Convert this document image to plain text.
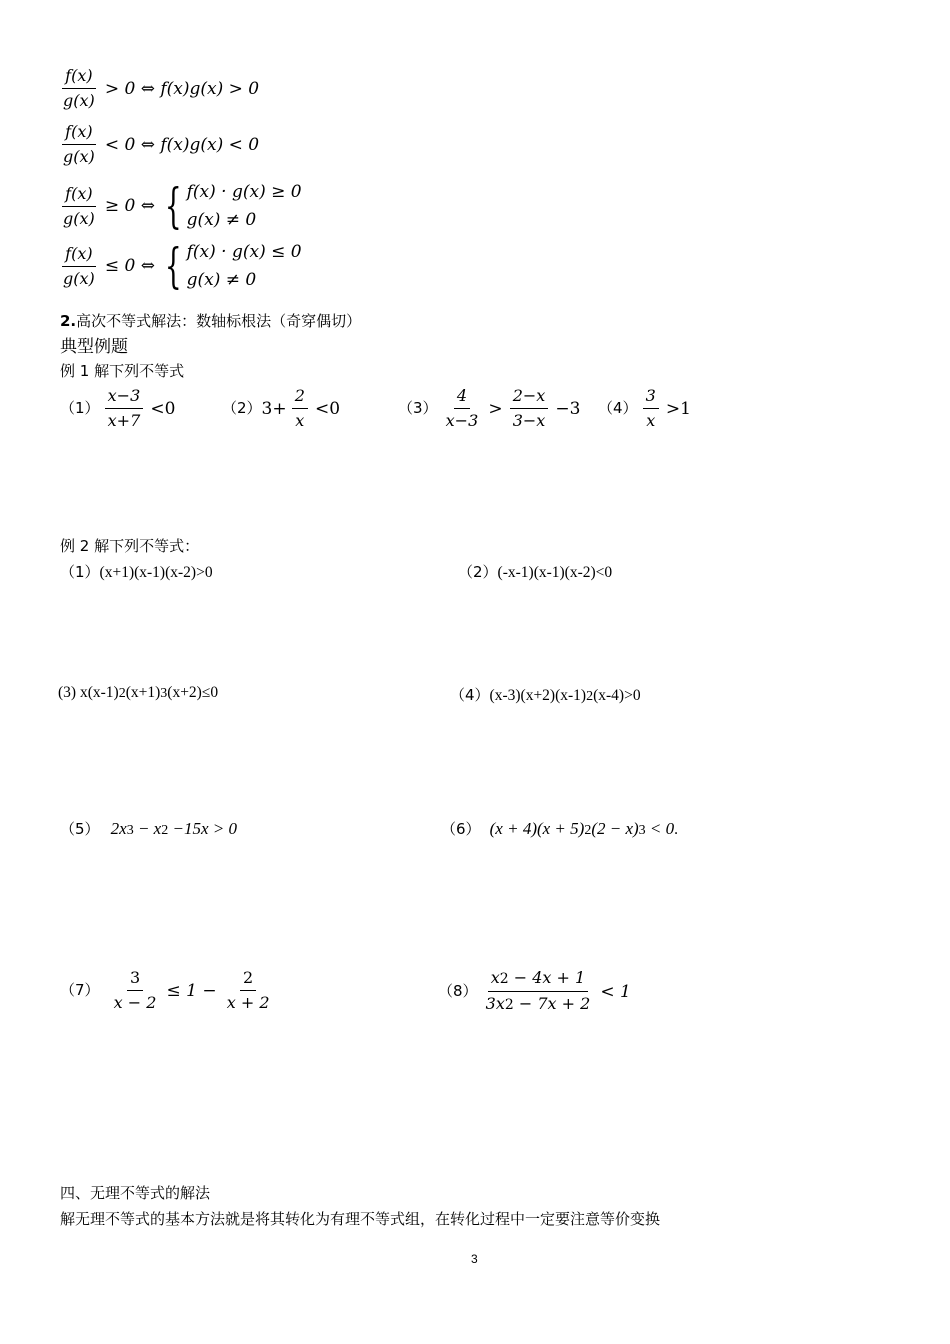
$\frac{f(x)}{g(x)} > 0$ ⇔ f(x)g(x) > 0
$\frac{f(x)}{g(x)} < 0$ ⇔ f(x)g(x) < 0
$\frac{f(x)}{g(x)} \ge 0$ ⇔ { f(x) · g(x) ≥ 0
g(x) ≠ 0
$\frac{f(x)}{g(x)} \le 0$ ⇔ { f(x) · g(x) ≤ 0
g(x) ≠ 0
2.高次不等式解法：数轴标根法（奇穿偶切）
典型例题
例 1 解下列不等式
$(1) \frac{x-3}{x+7} <0$	$(2)3+ \frac{2}{x} <0$	$(3) \frac{4}{x-3} > \frac{2-x}{3-x} -3$ $(4) \frac{3}{x} >1$
例 2 解下列不等式：
（1）(x+1)(x-1)(x-2)>0	（2）(-x-1)(x-1)(x-2)<0
(3) x(x-1)2(x+1)3(x+2)≤0	（4）(x-3)(x+2)(x-1)2(x-4)>0
（5） 2x3 − x2 −15x > 0	（6） (x + 4)(x + 5)2(2 − x)3 < 0.
$(7) \frac{3}{x - 2} \le 1 - \frac{2}{x + 2}$	$(8) \frac{x2 - 4x + 1}{3x2 - 7x + 2} < 1$
四、无理不等式的解法
解无理不等式的基本方法就是将其转化为有理不等式组，在转化过程中一定要注意等价变换
3
